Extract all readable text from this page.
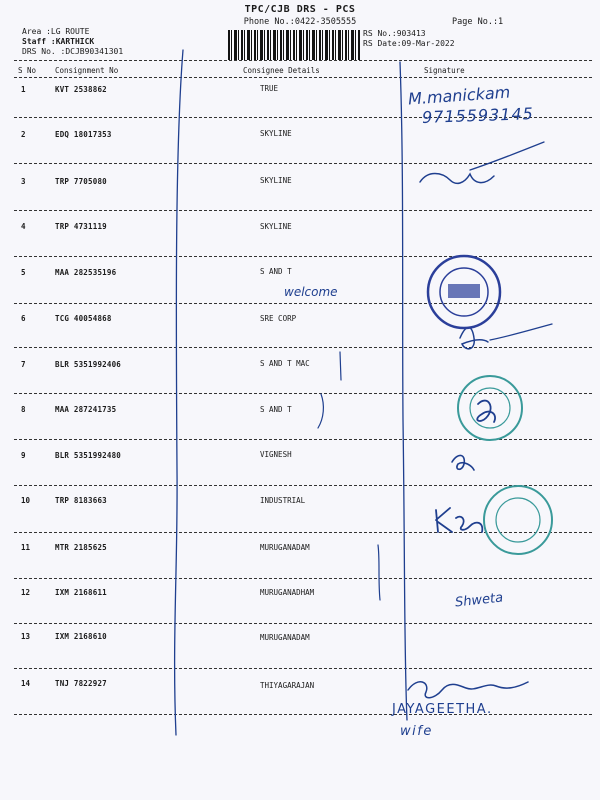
TPC/CJB DRS - PCS
Phone No.:0422-3505555	Page No.:1
Area :LG ROUTE
Staff :KARTHICK
DRS No. :DCJB90341301
RS No.:903413
RS Date:09-Mar-2022
S No	Consignment No	Consignee Details	Signature
1	KVT 2538862	TRUE
2	EDQ 18017353	SKYLINE
3	TRP 7705080	SKYLINE
4	TRP 4731119	SKYLINE
5	MAA 282535196	S AND T
6	TCG 40054868	SRE CORP
7	BLR 5351992406	S AND T MAC
8	MAA 287241735	S AND T
9	BLR 5351992480	VIGNESH
10	TRP 8183663	INDUSTRIAL
11	MTR 2185625	MURUGANADAM
12	IXM 2168611	MURUGANADHAM
13	IXM 2168610	MURUGANADAM
14	TNJ 7822927	THIYAGARAJAN
M.manickam
9715593145
welcome
Shweta
JAYAGEETHA.
wife
